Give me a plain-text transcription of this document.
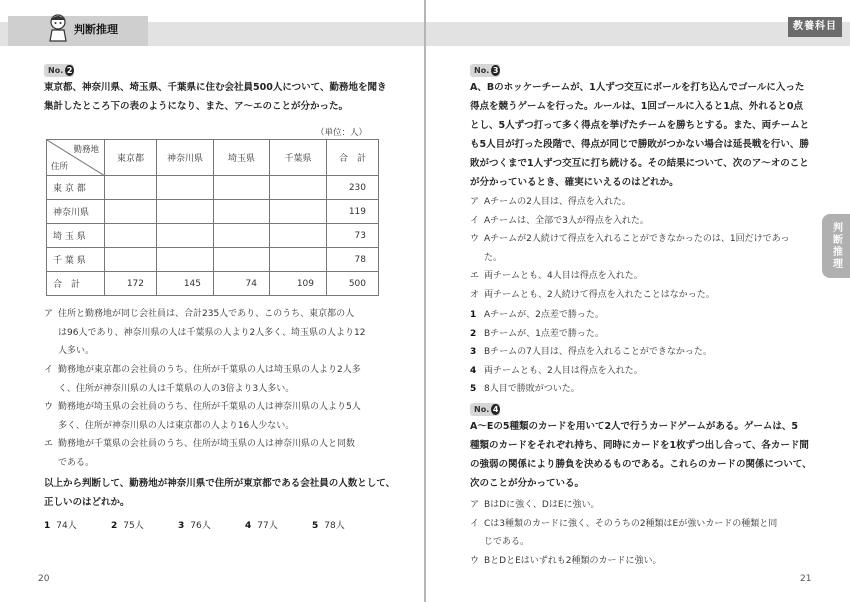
判断推理
No. 2
東京都、神奈川県、埼玉県、千葉県に住む会社員500人について、勤務地を聞き
集計したところ下の表のようになり、また、ア〜エのことが分かった。
（単位：人）
勤務地
住所	東京都	神奈川県	埼玉県	千葉県	合　計
東 京 都					230
神奈川県					119
埼 玉 県					73
千 葉 県					78
合　計	172	145	74	109	500
ア 住所と勤務地が同じ会社員は、合計235人であり、このうち、東京都の人
は96人であり、神奈川県の人は千葉県の人より2人多く、埼玉県の人より12
人多い。
イ 勤務地が東京都の会社員のうち、住所が千葉県の人は埼玉県の人より2人多
く、住所が神奈川県の人は千葉県の人の3倍より3人多い。
ウ 勤務地が埼玉県の会社員のうち、住所が千葉県の人は神奈川県の人より5人
多く、住所が神奈川県の人は東京都の人より16人少ない。
エ 勤務地が千葉県の会社員のうち、住所が埼玉県の人は神奈川県の人と同数
である。
以上から判断して、勤務地が神奈川県で住所が東京都である会社員の人数として、
正しいのはどれか。
1 74人	2 75人	3 76人	4 77人	5 78人
20
教養科目
判断推理
No. 3
A、Bのホッケーチームが、1人ずつ交互にボールを打ち込んでゴールに入った
得点を競うゲームを行った。ルールは、1回ゴールに入ると1点、外れると0点
とし、5人ずつ打って多く得点を挙げたチームを勝ちとする。また、両チームと
も5人目が打った段階で、得点が同じで勝敗がつかない場合は延長戦を行い、勝
敗がつくまで1人ずつ交互に打ち続ける。その結果について、次のア〜オのこと
が分かっているとき、確実にいえるのはどれか。
ア Aチームの2人目は、得点を入れた。
イ Aチームは、全部で3人が得点を入れた。
ウ Aチームが2人続けて得点を入れることができなかったのは、1回だけであっ
た。
エ 両チームとも、4人目は得点を入れた。
オ 両チームとも、2人続けて得点を入れたことはなかった。
1 Aチームが、2点差で勝った。
2 Bチームが、1点差で勝った。
3 Bチームの7人目は、得点を入れることができなかった。
4 両チームとも、2人目は得点を入れた。
5 8人目で勝敗がついた。
No. 4
A〜Eの5種類のカードを用いて2人で行うカードゲームがある。ゲームは、5
種類のカードをそれぞれ持ち、同時にカードを1枚ずつ出し合って、各カード間
の強弱の関係により勝負を決めるものである。これらのカードの関係について、
次のことが分かっている。
ア BはDに強く、DはEに強い。
イ Cは3種類のカードに強く、そのうちの2種類はEが強いカードの種類と同
じである。
ウ BとDとEはいずれも2種類のカードに強い。
21
